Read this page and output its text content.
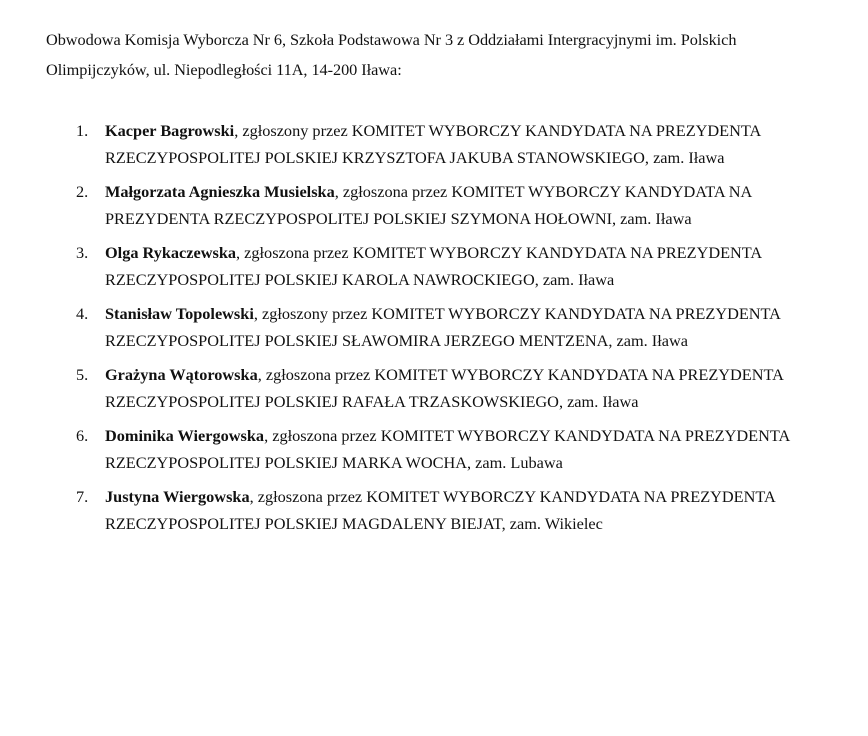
Obwodowa Komisja Wyborcza Nr 6, Szkoła Podstawowa Nr 3 z Oddziałami Intergracyjnymi im. Polskich Olimpijczyków, ul. Niepodległości 11A, 14-200 Iława:
1. Kacper Bagrowski, zgłoszony przez KOMITET WYBORCZY KANDYDATA NA PREZYDENTA RZECZYPOSPOLITEJ POLSKIEJ KRZYSZTOFA JAKUBA STANOWSKIEGO, zam. Iława
2. Małgorzata Agnieszka Musielska, zgłoszona przez KOMITET WYBORCZY KANDYDATA NA PREZYDENTA RZECZYPOSPOLITEJ POLSKIEJ SZYMONA HOŁOWNI, zam. Iława
3. Olga Rykaczewska, zgłoszona przez KOMITET WYBORCZY KANDYDATA NA PREZYDENTA RZECZYPOSPOLITEJ POLSKIEJ KAROLA NAWROCKIEGO, zam. Iława
4. Stanisław Topolewski, zgłoszony przez KOMITET WYBORCZY KANDYDATA NA PREZYDENTA RZECZYPOSPOLITEJ POLSKIEJ SŁAWOMIRA JERZEGO MENTZENA, zam. Iława
5. Grażyna Wątorowska, zgłoszona przez KOMITET WYBORCZY KANDYDATA NA PREZYDENTA RZECZYPOSPOLITEJ POLSKIEJ RAFAŁA TRZASKOWSKIEGO, zam. Iława
6. Dominika Wiergowska, zgłoszona przez KOMITET WYBORCZY KANDYDATA NA PREZYDENTA RZECZYPOSPOLITEJ POLSKIEJ MARKA WOCHA, zam. Lubawa
7. Justyna Wiergowska, zgłoszona przez KOMITET WYBORCZY KANDYDATA NA PREZYDENTA RZECZYPOSPOLITEJ POLSKIEJ MAGDALENY BIEJAT, zam. Wikielec
